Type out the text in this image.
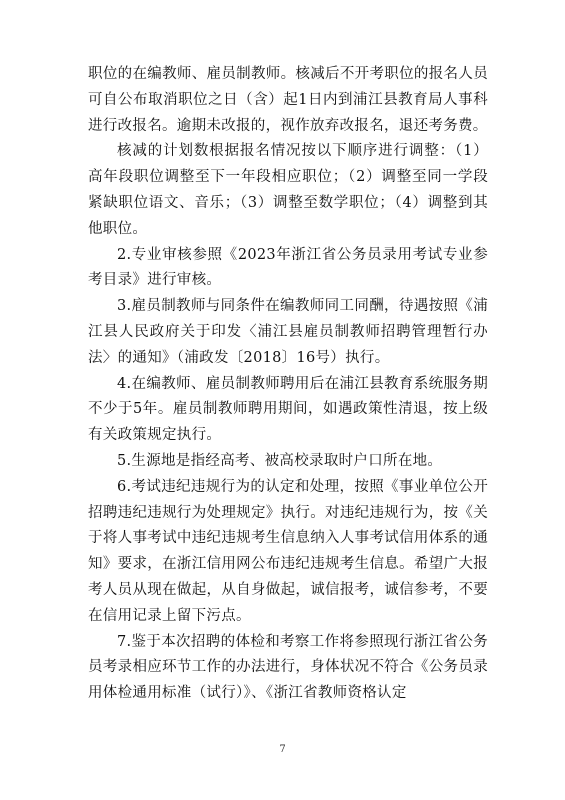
职位的在编教师、雇员制教师。核减后不开考职位的报名人员可自公布取消职位之日（含）起1日内到浦江县教育局人事科进行改报名。逾期未改报的，视作放弃改报名，退还考务费。

核减的计划数根据报名情况按以下顺序进行调整：（1）高年段职位调整至下一年段相应职位；（2）调整至同一学段紧缺职位语文、音乐；（3）调整至数学职位；（4）调整到其他职位。

2.专业审核参照《2023年浙江省公务员录用考试专业参考目录》进行审核。

3.雇员制教师与同条件在编教师同工同酬，待遇按照《浦江县人民政府关于印发〈浦江县雇员制教师招聘管理暂行办法〉的通知》（浦政发〔2018〕16号）执行。

4.在编教师、雇员制教师聘用后在浦江县教育系统服务期不少于5年。雇员制教师聘用期间，如遇政策性清退，按上级有关政策规定执行。

5.生源地是指经高考、被高校录取时户口所在地。

6.考试违纪违规行为的认定和处理，按照《事业单位公开招聘违纪违规行为处理规定》执行。对违纪违规行为，按《关于将人事考试中违纪违规考生信息纳入人事考试信用体系的通知》要求，在浙江信用网公布违纪违规考生信息。希望广大报考人员从现在做起，从自身做起，诚信报考，诚信参考，不要在信用记录上留下污点。

7.鉴于本次招聘的体检和考察工作将参照现行浙江省公务员考录相应环节工作的办法进行，身体状况不符合《公务员录用体检通用标准（试行）》、《浙江省教师资格认定

7
